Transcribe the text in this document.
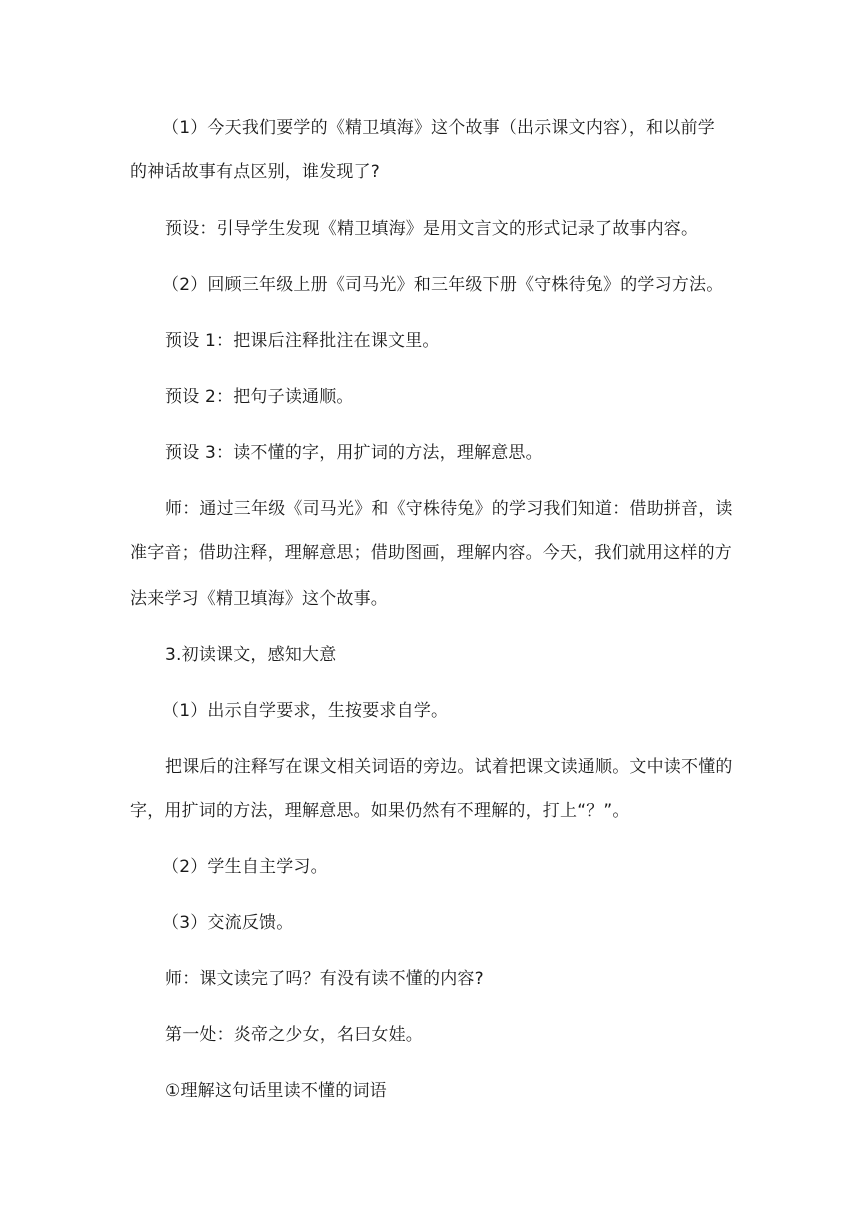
（1）今天我们要学的《精卫填海》这个故事（出示课文内容），和以前学
的神话故事有点区别，谁发现了?
预设：引导学生发现《精卫填海》是用文言文的形式记录了故事内容。
（2）回顾三年级上册《司马光》和三年级下册《守株待兔》的学习方法。
预设 1：把课后注释批注在课文里。
预设 2：把句子读通顺。
预设 3：读不懂的字，用扩词的方法，理解意思。
师：通过三年级《司马光》和《守株待兔》的学习我们知道：借助拼音，读
准字音；借助注释，理解意思；借助图画，理解内容。今天，我们就用这样的方
法来学习《精卫填海》这个故事。
3.初读课文，感知大意
（1）出示自学要求，生按要求自学。
把课后的注释写在课文相关词语的旁边。试着把课文读通顺。文中读不懂的
字，用扩词的方法，理解意思。如果仍然有不理解的，打上“？”。
（2）学生自主学习。
（3）交流反馈。
师：课文读完了吗？有没有读不懂的内容?
第一处：炎帝之少女，名曰女娃。
①理解这句话里读不懂的词语
